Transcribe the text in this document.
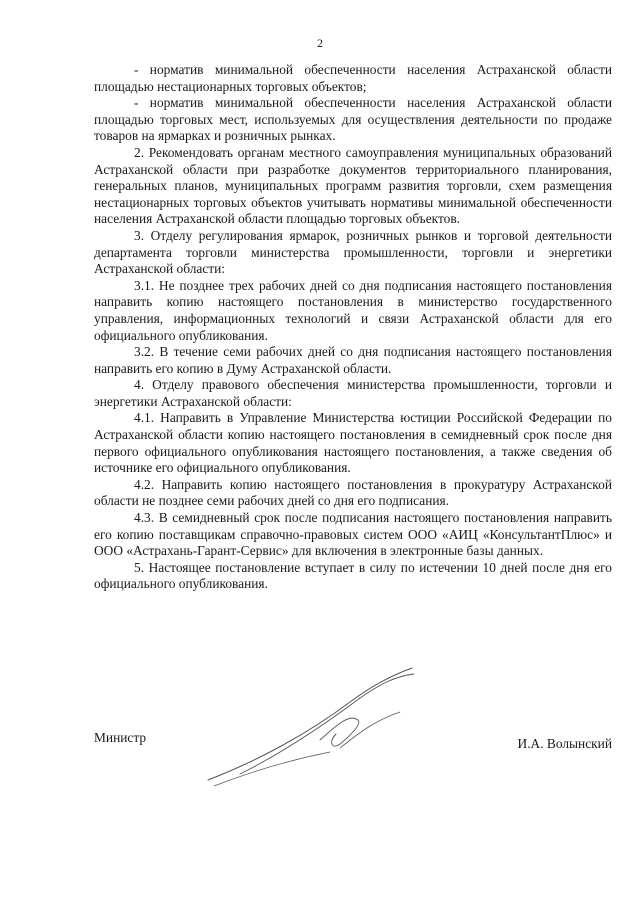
2

- норматив минимальной обеспеченности населения Астраханской области площадью нестационарных торговых объектов;

- норматив минимальной обеспеченности населения Астраханской области площадью торговых мест, используемых для осуществления деятельности по продаже товаров на ярмарках и розничных рынках.

2. Рекомендовать органам местного самоуправления муниципальных образований Астраханской области при разработке документов территориального планирования, генеральных планов, муниципальных программ развития торговли, схем размещения нестационарных торговых объектов учитывать нормативы минимальной обеспеченности населения Астраханской области площадью торговых объектов.

3. Отделу регулирования ярмарок, розничных рынков и торговой деятельности департамента торговли министерства промышленности, торговли и энергетики Астраханской области:

3.1. Не позднее трех рабочих дней со дня подписания настоящего постановления направить копию настоящего постановления в министерство государственного управления, информационных технологий и связи Астраханской области для его официального опубликования.

3.2. В течение семи рабочих дней со дня подписания настоящего постановления направить его копию в Думу Астраханской области.

4. Отделу правового обеспечения министерства промышленности, торговли и энергетики Астраханской области:

4.1. Направить в Управление Министерства юстиции Российской Федерации по Астраханской области копию настоящего постановления в семидневный срок после дня первого официального опубликования настоящего постановления, а также сведения об источнике его официального опубликования.

4.2. Направить копию настоящего постановления в прокуратуру Астраханской области не позднее семи рабочих дней со дня его подписания.

4.3. В семидневный срок после подписания настоящего постановления направить его копию поставщикам справочно-правовых систем ООО «АИЦ «КонсультантПлюс» и ООО «Астрахань-Гарант-Сервис» для включения в электронные базы данных.

5. Настоящее постановление вступает в силу по истечении 10 дней после дня его официального опубликования.

Министр	И.А. Волынский
